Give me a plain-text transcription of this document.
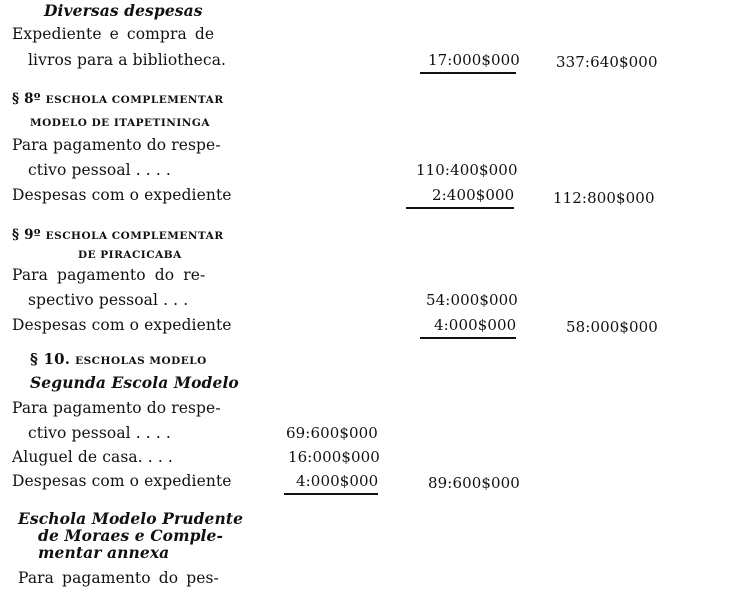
Diversas despesas
Expediente e compra de
livros para a bibliotheca.	17:000$000 337:640$000
§ 8º ESCHOLA COMPLEMENTAR
MODELO DE ITAPETININGA
Para pagamento do respe-
ctivo pessoal . . . .	110:400$000
Despesas com o expediente	2:400$000	112:800$000
§ 9º ESCHOLA COMPLEMENTAR
DE PIRACICABA
Para pagamento do re-
spectivo pessoal . . .	54:000$000
Despesas com o expediente	4:000$000	58:000$000
§ 10. ESCHOLAS MODELO
Segunda Escola Modelo
Para pagamento do respe-
ctivo pessoal . . . .	69:600$000
Aluguel de casa. . . .	16:000$000
Despesas com o expediente	4:000$000	89:600$000
Eschola Modelo Prudente
de Moraes e Comple-
mentar annexa
Para pagamento do pes-
